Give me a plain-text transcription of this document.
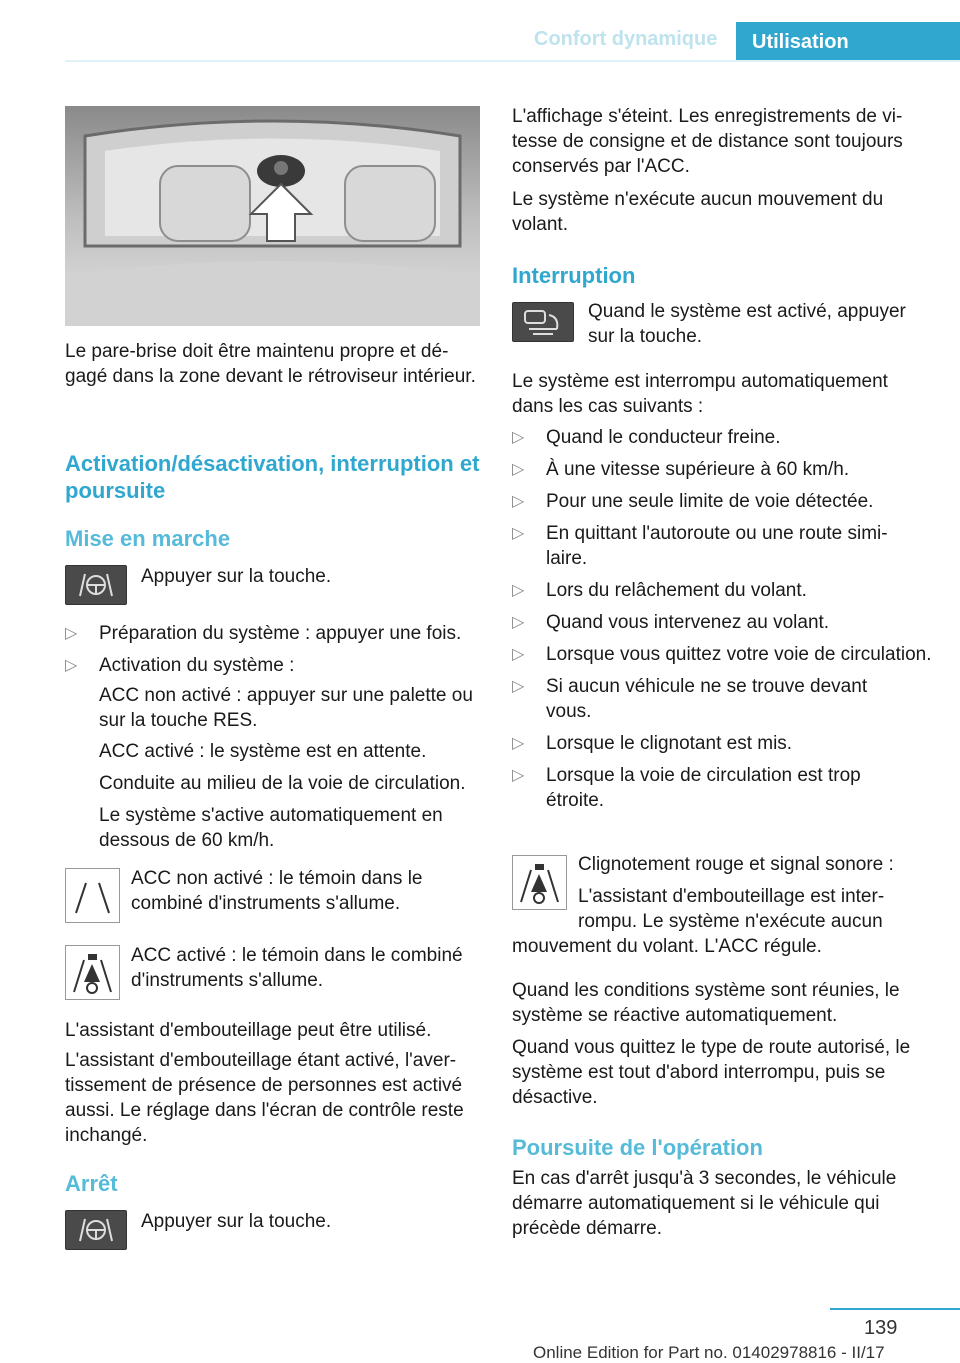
Confort dynamique	Utilisation

Le pare-brise doit être maintenu propre et dégagé dans la zone devant le rétroviseur intérieur.

Activation/désactivation, interruption et poursuite
Mise en marche

Appuyer sur la touche.

▷ Préparation du système : appuyer une fois.
▷ Activation du système :

ACC non activé : appuyer sur une palette ou sur la touche RES.

ACC activé : le système est en attente.

Conduite au milieu de la voie de circulation.

Le système s'active automatiquement en dessous de 60 km/h.

ACC non activé : le témoin dans le combiné d'instruments s'allume.

ACC activé : le témoin dans le combiné d'instruments s'allume.

L'assistant d'embouteillage peut être utilisé.

L'assistant d'embouteillage étant activé, l'avertissement de présence de personnes est activé aussi. Le réglage dans l'écran de contrôle reste inchangé.

Arrêt

Appuyer sur la touche.

L'affichage s'éteint. Les enregistrements de vitesse de consigne et de distance sont toujours conservés par l'ACC.

Le système n'exécute aucun mouvement du volant.

Interruption

Quand le système est activé, appuyer sur la touche.

Le système est interrompu automatiquement dans les cas suivants :

▷ Quand le conducteur freine.
▷ À une vitesse supérieure à 60 km/h.
▷ Pour une seule limite de voie détectée.
▷ En quittant l'autoroute ou une route similaire.
▷ Lors du relâchement du volant.
▷ Quand vous intervenez au volant.
▷ Lorsque vous quittez votre voie de circulation.
▷ Si aucun véhicule ne se trouve devant vous.
▷ Lorsque le clignotant est mis.
▷ Lorsque la voie de circulation est trop étroite.

Clignotement rouge et signal sonore :

L'assistant d'embouteillage est interrompu. Le système n'exécute aucun

mouvement du volant. L'ACC régule.

Quand les conditions système sont réunies, le système se réactive automatiquement.

Quand vous quittez le type de route autorisé, le système est tout d'abord interrompu, puis se désactive.

Poursuite de l'opération

En cas d'arrêt jusqu'à 3 secondes, le véhicule démarre automatiquement si le véhicule qui précède démarre.

139
Online Edition for Part no. 01402978816 - II/17
